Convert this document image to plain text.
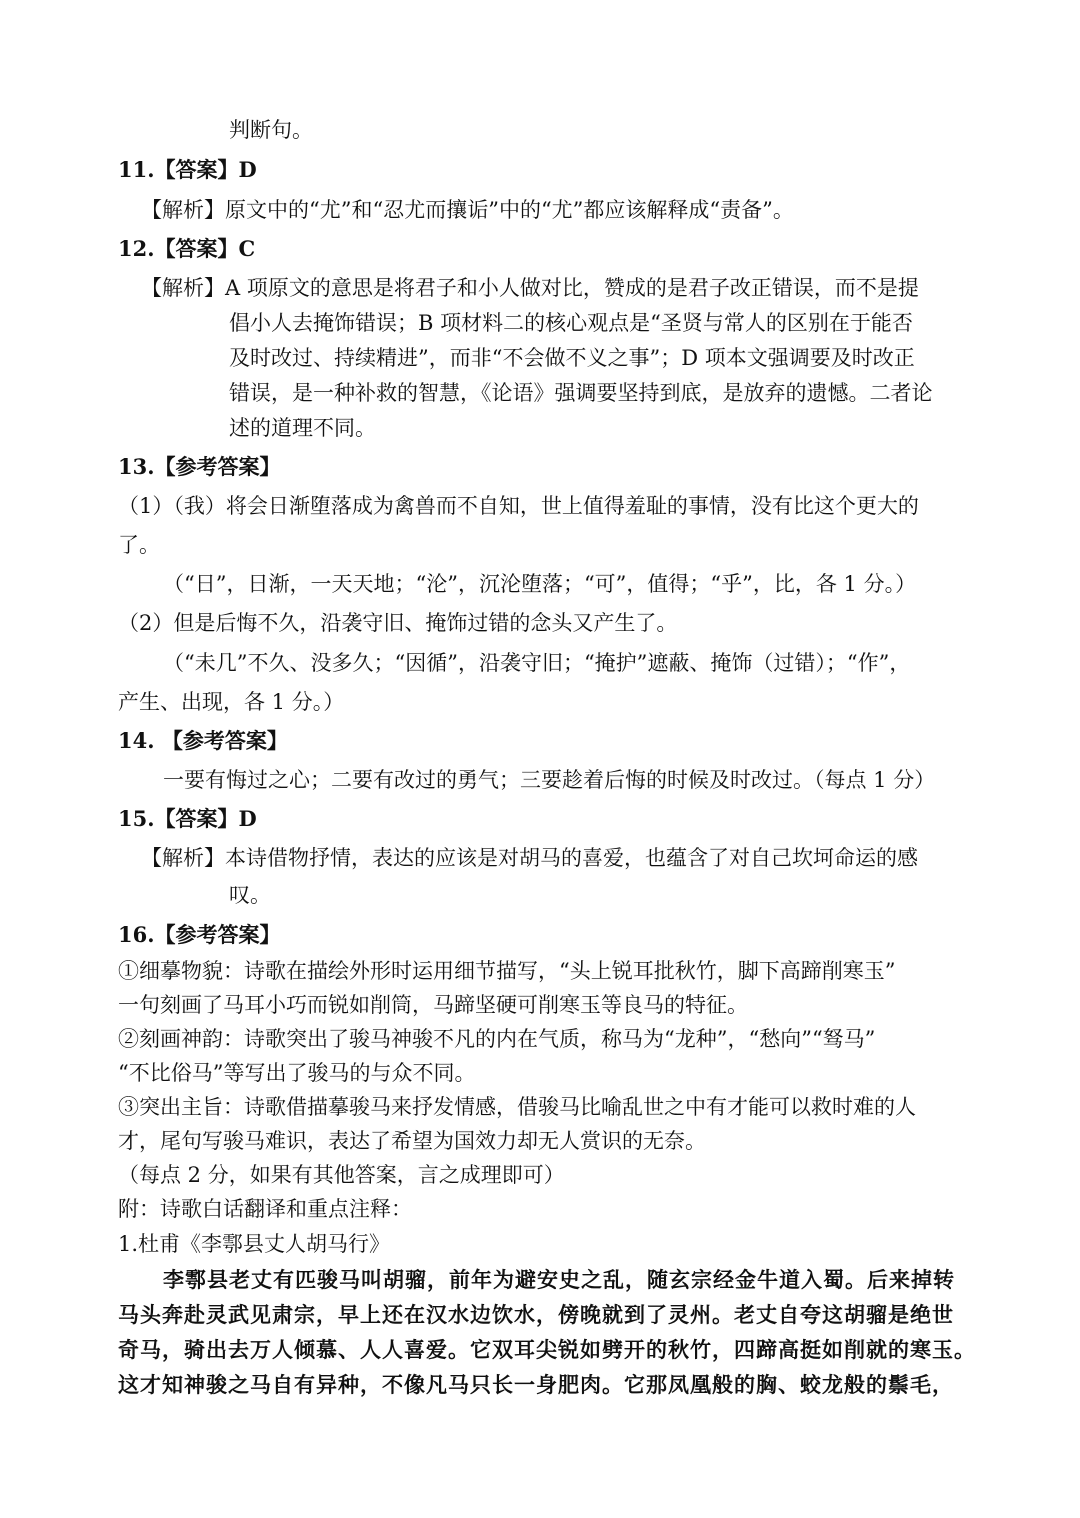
判断句。
11.【答案】D
【解析】原文中的“尤”和“忍尤而攘诟”中的“尤”都应该解释成“责备”。
12.【答案】C
【解析】A 项原文的意思是将君子和小人做对比，赞成的是君子改正错误，而不是提
倡小人去掩饰错误；B 项材料二的核心观点是“圣贤与常人的区别在于能否
及时改过、持续精进”，而非“不会做不义之事”；D 项本文强调要及时改正
错误，是一种补救的智慧，《论语》强调要坚持到底，是放弃的遗憾。二者论
述的道理不同。
13.【参考答案】
（1）（我）将会日渐堕落成为禽兽而不自知，世上值得羞耻的事情，没有比这个更大的
了。
（“日”，日渐，一天天地；“沦”，沉沦堕落；“可”，值得；“乎”，比，各 1 分。）
（2）但是后悔不久，沿袭守旧、掩饰过错的念头又产生了。
（“未几”不久、没多久；“因循”，沿袭守旧；“掩护”遮蔽、掩饰（过错）；“作”，
产生、出现，各 1 分。）
14. 【参考答案】
一要有悔过之心；二要有改过的勇气；三要趁着后悔的时候及时改过。（每点 1 分）
15.【答案】D
【解析】本诗借物抒情，表达的应该是对胡马的喜爱，也蕴含了对自己坎坷命运的感
叹。
16.【参考答案】
①细摹物貌：诗歌在描绘外形时运用细节描写，“头上锐耳批秋竹，脚下高蹄削寒玉”
一句刻画了马耳小巧而锐如削筒，马蹄坚硬可削寒玉等良马的特征。
②刻画神韵：诗歌突出了骏马神骏不凡的内在气质，称马为“龙种”，“愁向”“驽马”
“不比俗马”等写出了骏马的与众不同。
③突出主旨：诗歌借描摹骏马来抒发情感，借骏马比喻乱世之中有才能可以救时难的人
才，尾句写骏马难识，表达了希望为国效力却无人赏识的无奈。
（每点 2 分，如果有其他答案，言之成理即可）
附：诗歌白话翻译和重点注释：
1.杜甫《李鄠县丈人胡马行》
李鄠县老丈有匹骏马叫胡骝，前年为避安史之乱，随玄宗经金牛道入蜀。后来掉转
马头奔赴灵武见肃宗，早上还在汉水边饮水，傍晚就到了灵州。老丈自夸这胡骝是绝世
奇马，骑出去万人倾慕、人人喜爱。它双耳尖锐如劈开的秋竹，四蹄高挺如削就的寒玉。
这才知神骏之马自有异种，不像凡马只长一身肥肉。它那凤凰般的胸、蛟龙般的鬃毛，
